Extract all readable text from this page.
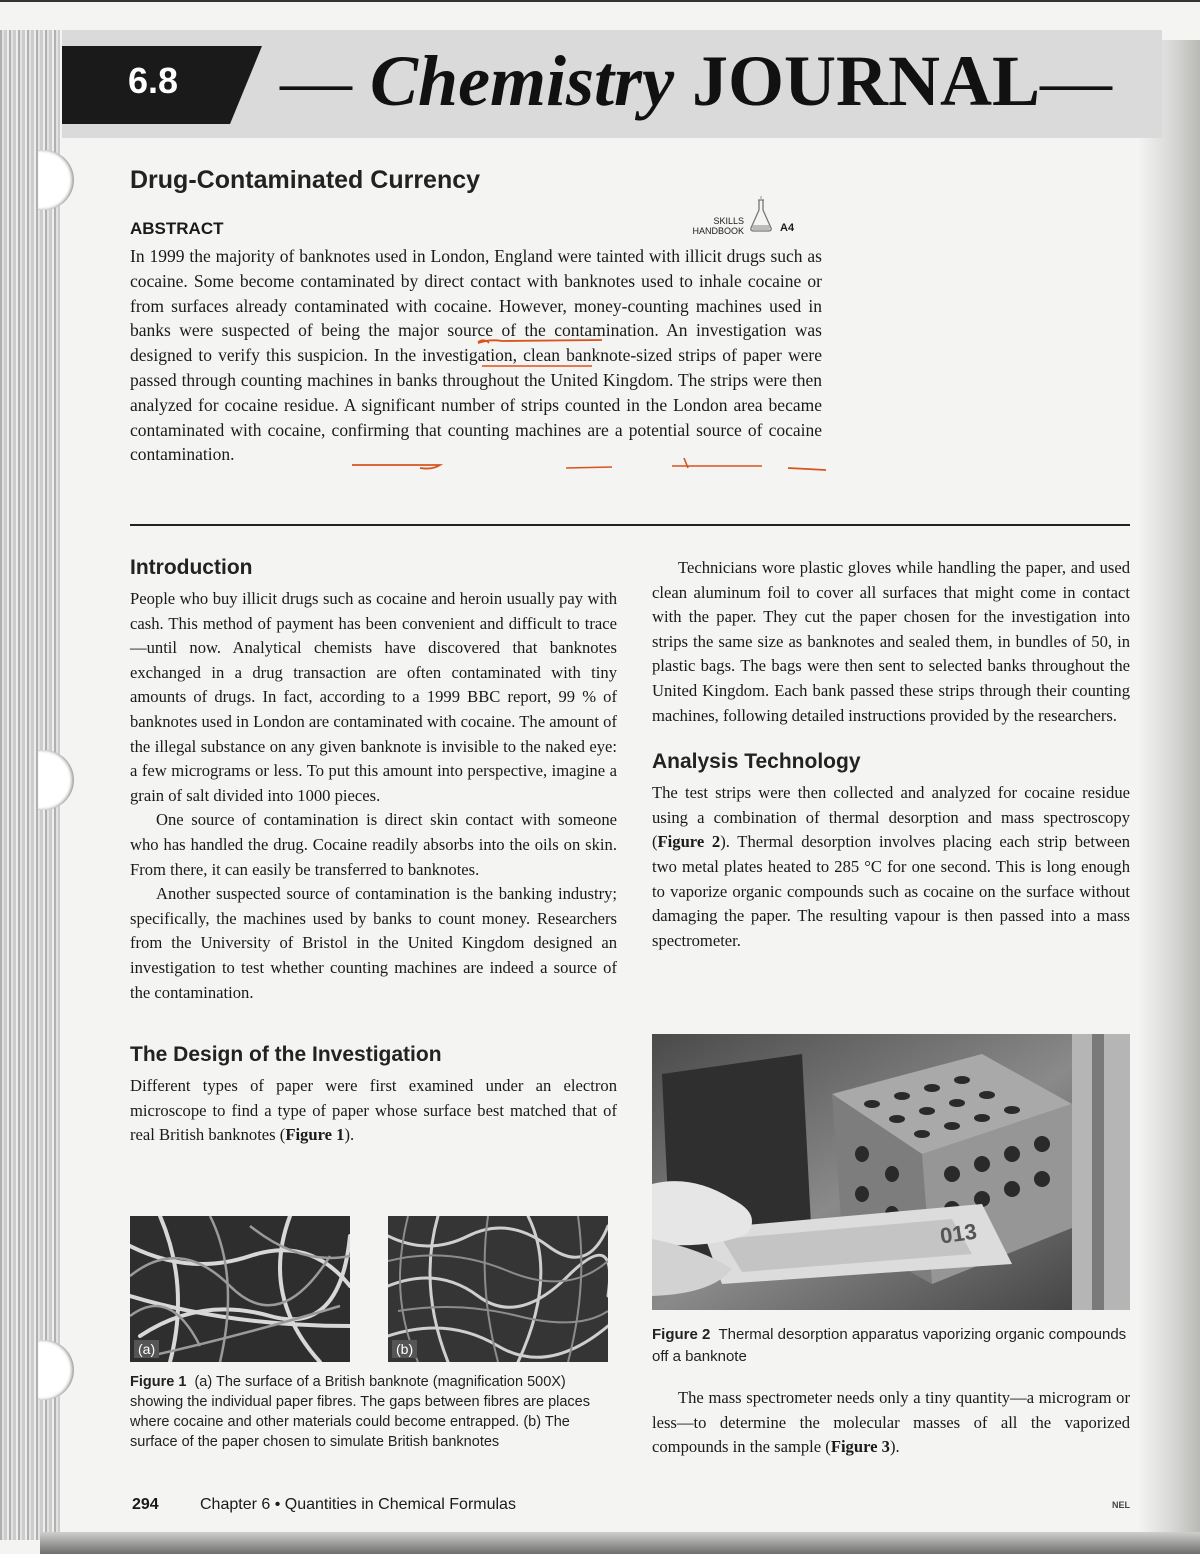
6.8 — Chemistry JOURNAL—
Drug-Contaminated Currency
ABSTRACT	SKILLS
HANDBOOK	A4

In 1999 the majority of banknotes used in London, England were tainted with illicit drugs such as cocaine. Some become contaminated by direct contact with banknotes used to inhale cocaine or from surfaces already contaminated with cocaine. However, money-counting machines used in banks were suspected of being the major source of the contamination. An investigation was designed to verify this suspicion. In the investigation, clean banknote-sized strips of paper were passed through counting machines in banks throughout the United Kingdom. The strips were then analyzed for cocaine residue. A significant number of strips counted in the London area became contaminated with cocaine, confirming that counting machines are a potential source of cocaine contamination.

Introduction

People who buy illicit drugs such as cocaine and heroin usually pay with cash. This method of payment has been convenient and difficult to trace—until now. Analytical chemists have discovered that banknotes exchanged in a drug transaction are often contaminated with tiny amounts of drugs. In fact, according to a 1999 BBC report, 99 % of banknotes used in London are contaminated with cocaine. The amount of the illegal substance on any given banknote is invisible to the naked eye: a few micrograms or less. To put this amount into perspective, imagine a grain of salt divided into 1000 pieces.

One source of contamination is direct skin contact with someone who has handled the drug. Cocaine readily absorbs into the oils on skin. From there, it can easily be transferred to banknotes.

Another suspected source of contamination is the banking industry; specifically, the machines used by banks to count money. Researchers from the University of Bristol in the United Kingdom designed an investigation to test whether counting machines are indeed a source of the contamination.

The Design of the Investigation

Different types of paper were first examined under an electron microscope to find a type of paper whose surface best matched that of real British banknotes (Figure 1).

(a)	(b)
Figure 1 (a) The surface of a British banknote (magnification 500X) showing the individual paper fibres. The gaps between fibres are places where cocaine and other materials could become entrapped. (b) The surface of the paper chosen to simulate British banknotes

Technicians wore plastic gloves while handling the paper, and used clean aluminum foil to cover all surfaces that might come in contact with the paper. They cut the paper chosen for the investigation into strips the same size as banknotes and sealed them, in bundles of 50, in plastic bags. The bags were then sent to selected banks throughout the United Kingdom. Each bank passed these strips through their counting machines, following detailed instructions provided by the researchers.

Analysis Technology

The test strips were then collected and analyzed for cocaine residue using a combination of thermal desorption and mass spectroscopy (Figure 2). Thermal desorption involves placing each strip between two metal plates heated to 285 °C for one second. This is long enough to vaporize organic compounds such as cocaine on the surface without damaging the paper. The resulting vapour is then passed into a mass spectrometer.

013
Figure 2 Thermal desorption apparatus vaporizing organic compounds off a banknote

The mass spectrometer needs only a tiny quantity—a microgram or less—to determine the molecular masses of all the vaporized compounds in the sample (Figure 3).

294	Chapter 6 • Quantities in Chemical Formulas	NEL
